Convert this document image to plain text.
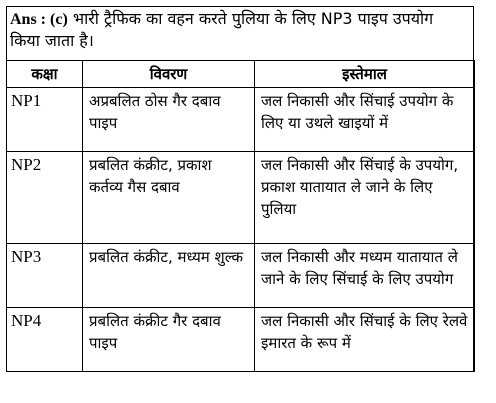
Ans : (c) भारी ट्रैफिक का वहन करते पुलिया के लिए NP3 पाइप उपयोग किया जाता है।
कक्षा	विवरण	इस्तेमाल
NP1	अप्रबलित ठोस गैर दबाव पाइप	जल निकासी और सिंचाई उपयोग के लिए या उथले खाइयों में
NP2	प्रबलित कंक्रीट, प्रकाश कर्तव्य गैस दबाव	जल निकासी और सिंचाई के उपयोग, प्रकाश यातायात ले जाने के लिए पुलिया
NP3	प्रबलित कंक्रीट, मध्यम शुल्क	जल निकासी और मध्यम यातायात ले जाने के लिए सिंचाई के लिए उपयोग
NP4	प्रबलित कंक्रीट गैर दबाव पाइप	जल निकासी और सिंचाई के लिए रेलवे इमारत के रूप में
